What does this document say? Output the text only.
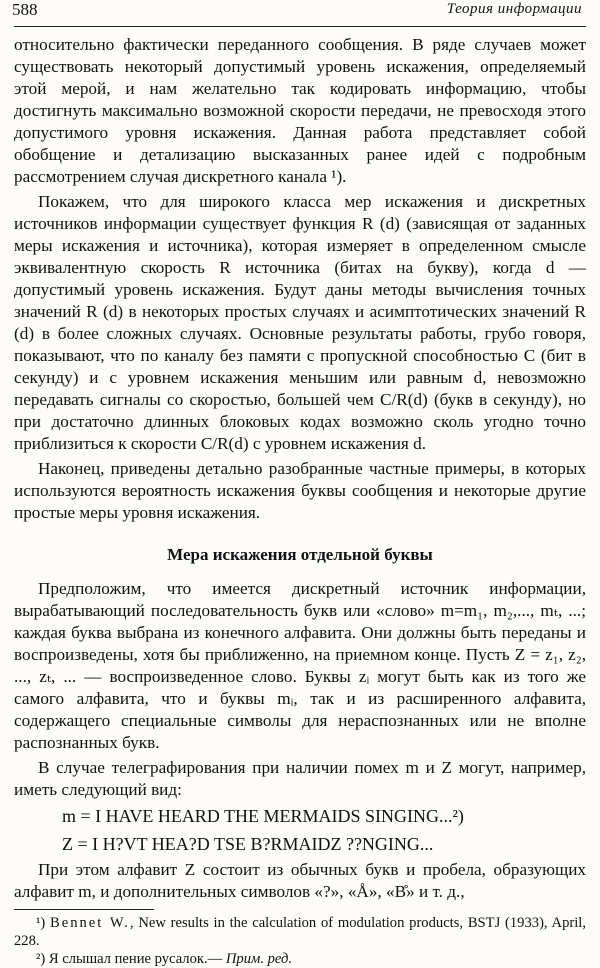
588	Теория информации

относительно фактически переданного сообщения. В ряде случаев может существовать некоторый допустимый уровень искажения, определяемый этой мерой, и нам желательно так кодировать информацию, чтобы достигнуть максимально возможной скорости передачи, не превосходя этого допустимого уровня искажения. Данная работа представляет собой обобщение и детализацию высказанных ранее идей с подробным рассмотрением случая дискретного канала ¹).

Покажем, что для широкого класса мер искажения и дискретных источников информации существует функция R (d) (зависящая от заданных меры искажения и источника), которая измеряет в определенном смысле эквивалентную скорость R источника (битах на букву), когда d — допустимый уровень искажения. Будут даны методы вычисления точных значений R (d) в некоторых простых случаях и асимптотических значений R (d) в более сложных случаях. Основные результаты работы, грубо говоря, показывают, что по каналу без памяти с пропускной способностью C (бит в секунду) и с уровнем искажения меньшим или равным d, невозможно передавать сигналы со скоростью, большей чем C/R(d) (букв в секунду), но при достаточно длинных блоковых кодах возможно сколь угодно точно приблизиться к скорости C/R(d) с уровнем искажения d.

Наконец, приведены детально разобранные частные примеры, в которых используются вероятность искажения буквы сообщения и некоторые другие простые меры уровня искажения.

Мера искажения отдельной буквы

Предположим, что имеется дискретный источник информации, вырабатывающий последовательность букв или «слово» m=m₁, m₂,..., mₜ, ...; каждая буква выбрана из конечного алфавита. Они должны быть переданы и воспроизведены, хотя бы приближенно, на приемном конце. Пусть Z = z₁, z₂, ..., zₜ, ... — воспроизведенное слово. Буквы zᵢ могут быть как из того же самого алфавита, что и буквы mᵢ, так и из расширенного алфавита, содержащего специальные символы для нераспознанных или не вполне распознанных букв.

В случае телеграфирования при наличии помех m и Z могут, например, иметь следующий вид:

m = I HAVE HEARD THE MERMAIDS SINGING...²)
Z = I H?VT HEA?D TSE B?RMAIDZ ??NGING...

При этом алфавит Z состоит из обычных букв и пробела, образующих алфавит m, и дополнительных символов «?», «Å», «B̊» и т. д.,

¹) Bennet W., New results in the calculation of modulation products, BSTJ (1933), April, 228.

²) Я слышал пение русалок.— Прим. ред.
